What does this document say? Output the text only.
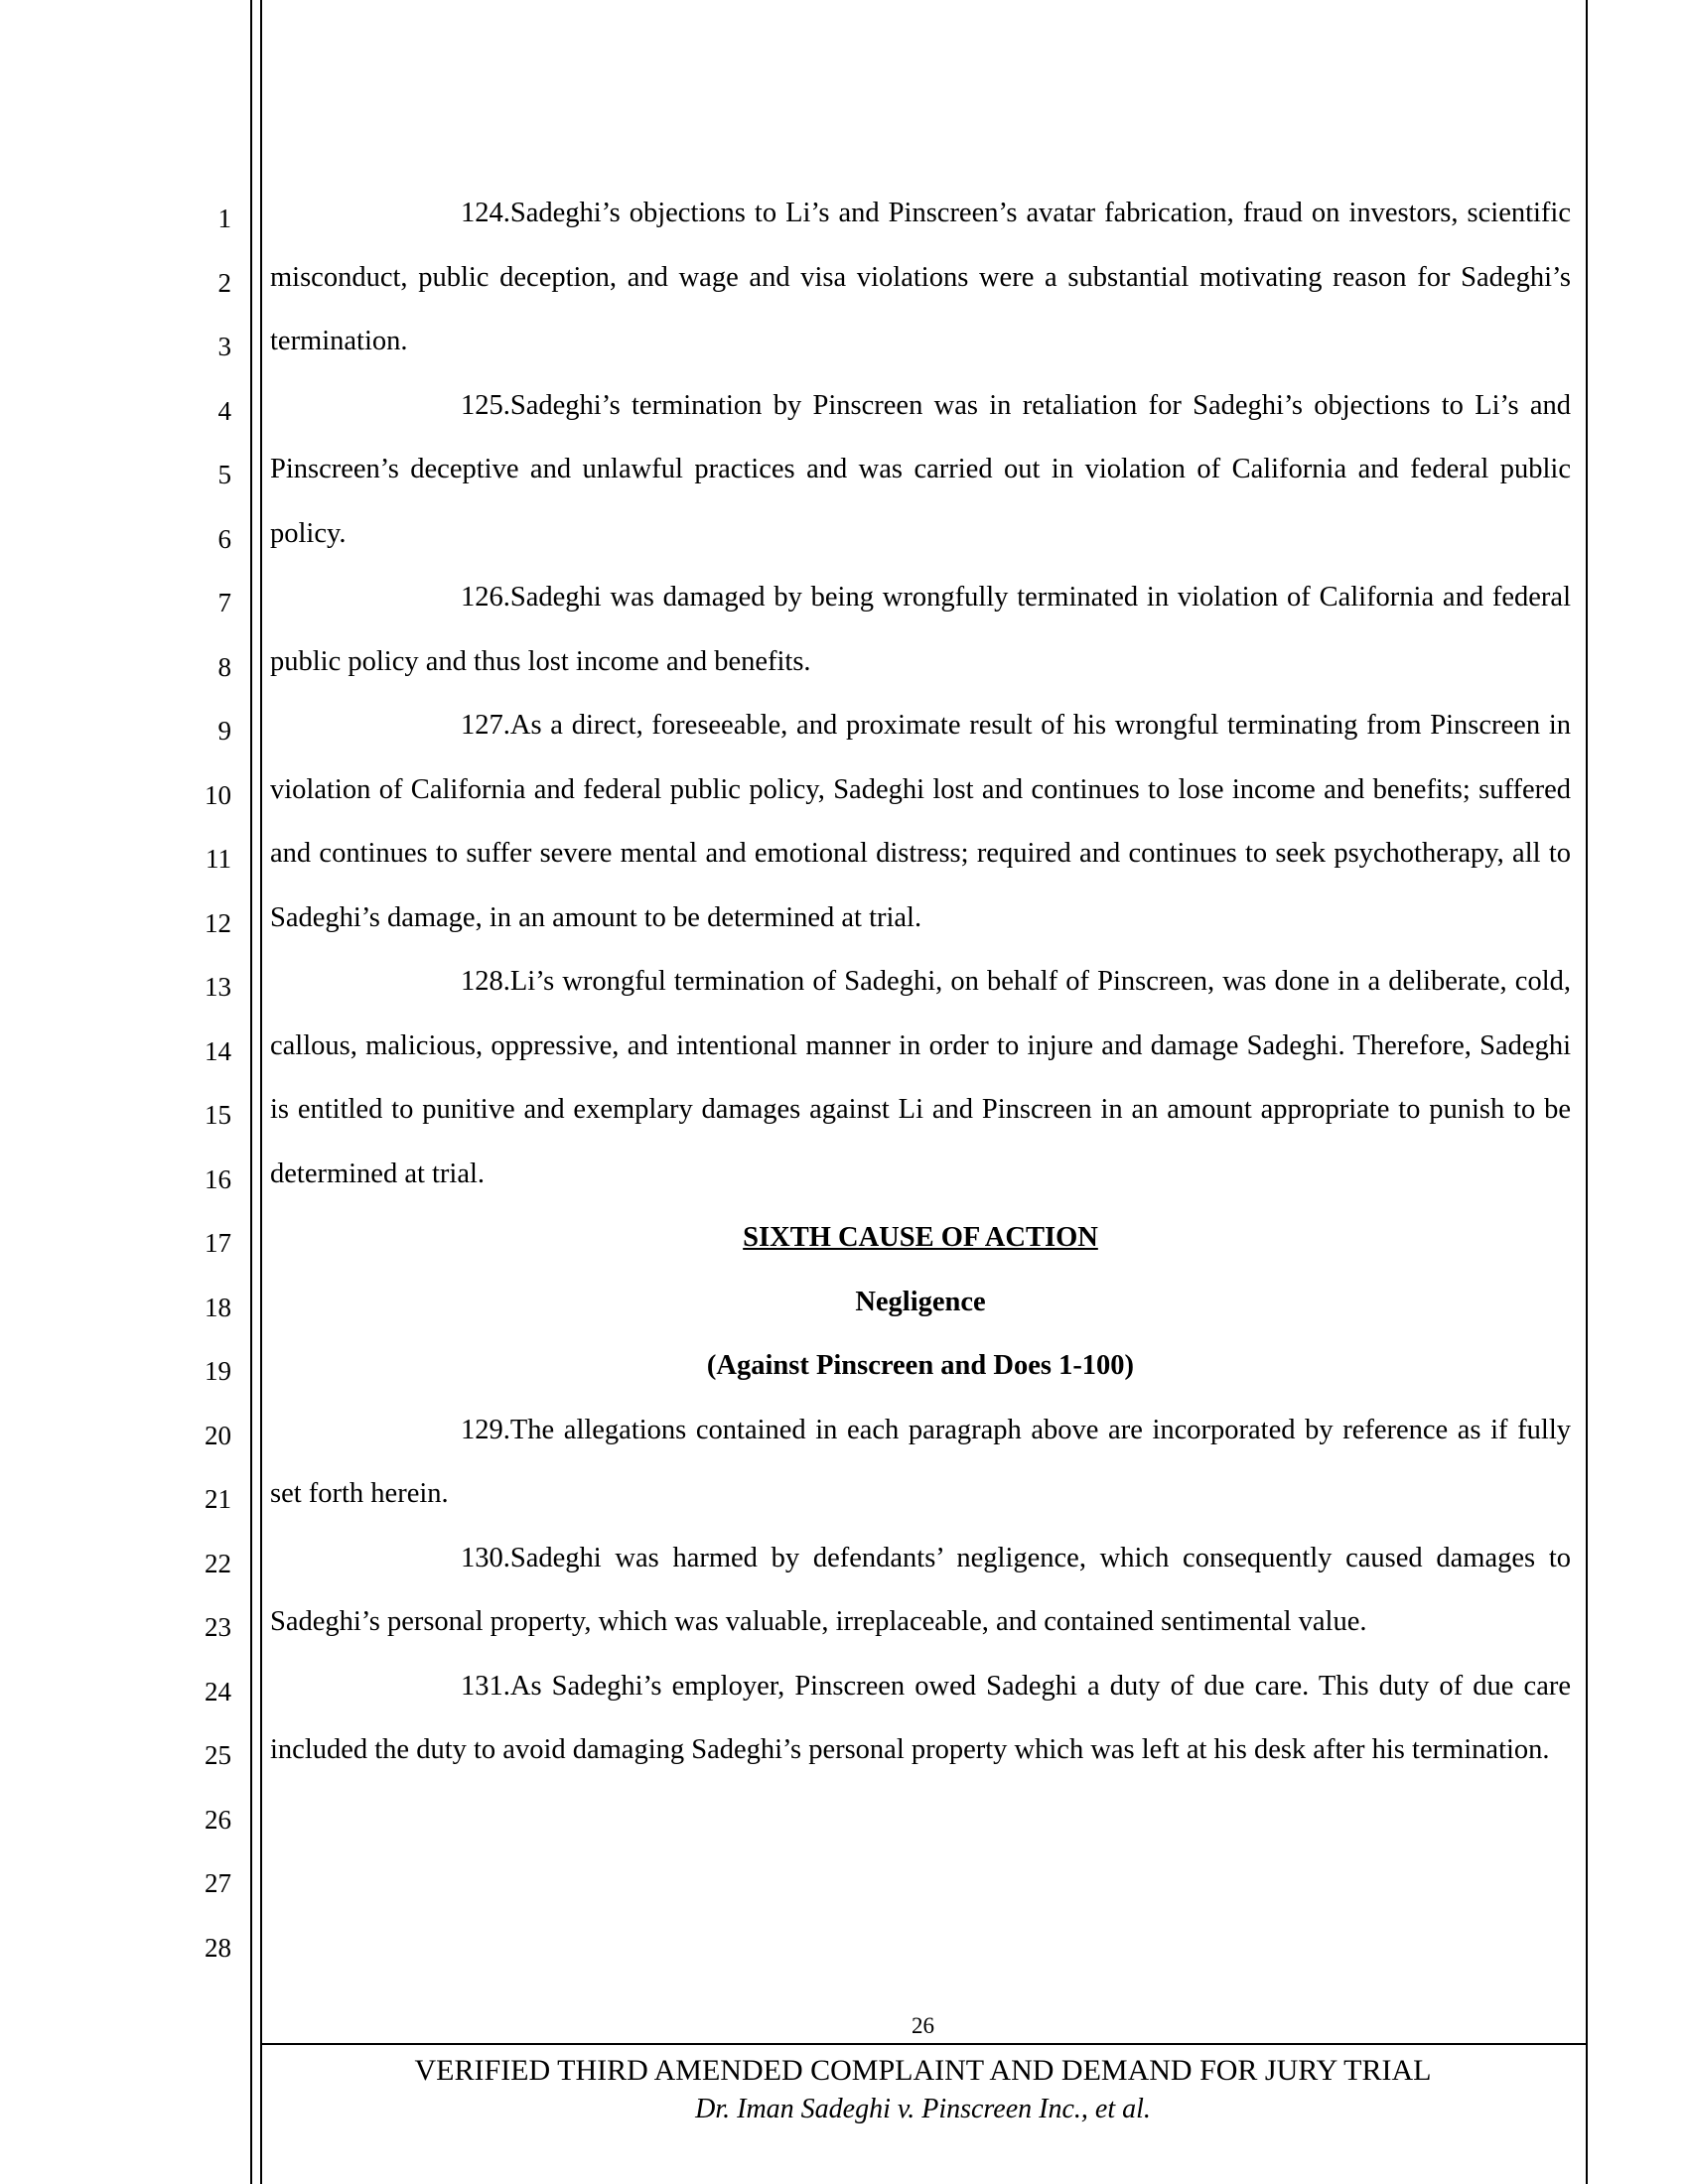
1
2
3
4
5
6
7
8
9
10
11
12
13
14
15
16
17
18
19
20
21
22
23
24
25
26
27
28

124.Sadeghi’s objections to Li’s and Pinscreen’s avatar fabrication, fraud on investors, scientific misconduct, public deception, and wage and visa violations were a substantial motivating reason for Sadeghi’s termination.

125.Sadeghi’s termination by Pinscreen was in retaliation for Sadeghi’s objections to Li’s and Pinscreen’s deceptive and unlawful practices and was carried out in violation of California and federal public policy.

126.Sadeghi was damaged by being wrongfully terminated in violation of California and federal public policy and thus lost income and benefits.

127.As a direct, foreseeable, and proximate result of his wrongful terminating from Pinscreen in violation of California and federal public policy, Sadeghi lost and continues to lose income and benefits; suffered and continues to suffer severe mental and emotional distress; required and continues to seek psychotherapy, all to Sadeghi’s damage, in an amount to be determined at trial.

128.Li’s wrongful termination of Sadeghi, on behalf of Pinscreen, was done in a deliberate, cold, callous, malicious, oppressive, and intentional manner in order to injure and damage Sadeghi. Therefore, Sadeghi is entitled to punitive and exemplary damages against Li and Pinscreen in an amount appropriate to punish to be determined at trial.

SIXTH CAUSE OF ACTION

Negligence

(Against Pinscreen and Does 1-100)

129.The allegations contained in each paragraph above are incorporated by reference as if fully set forth herein.

130.Sadeghi was harmed by defendants’ negligence, which consequently caused damages to Sadeghi’s personal property, which was valuable, irreplaceable, and contained sentimental value.

131.As Sadeghi’s employer, Pinscreen owed Sadeghi a duty of due care. This duty of due care included the duty to avoid damaging Sadeghi’s personal property which was left at his desk after his termination.

26
VERIFIED THIRD AMENDED COMPLAINT AND DEMAND FOR JURY TRIAL
Dr. Iman Sadeghi v. Pinscreen Inc., et al.
